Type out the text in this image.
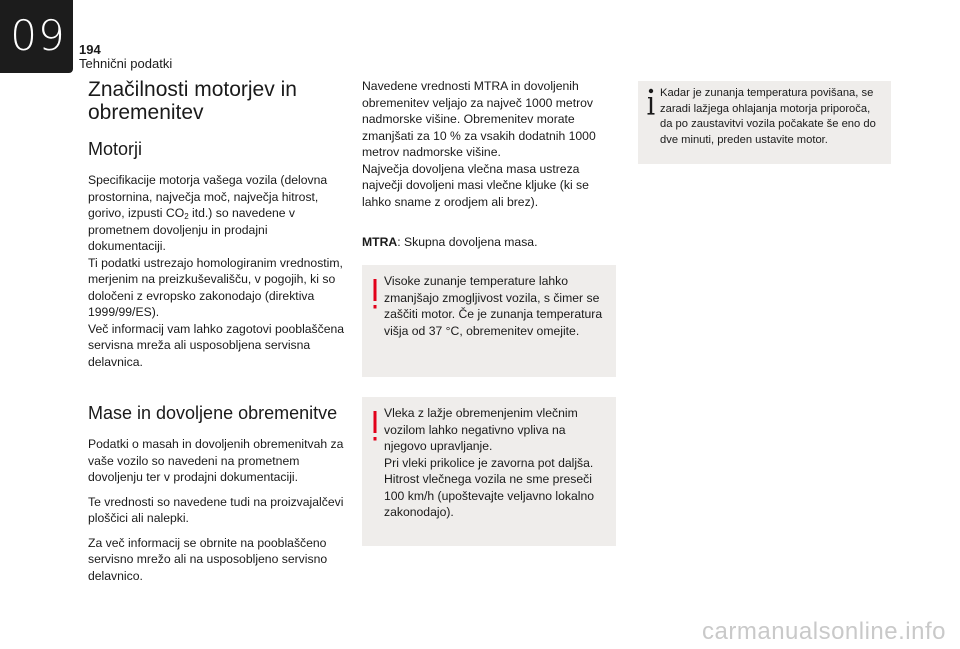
09	194
Tehnični podatki
Značilnosti motorjev in obremenitev
Motorji

Specifikacije motorja vašega vozila (delovna prostornina, največja moč, največja hitrost, gorivo, izpusti $CO_2$ itd.) so navedene v prometnem dovoljenju in prodajni dokumentaciji.

Ti podatki ustrezajo homologiranim vrednostim, merjenim na preizkuševališču, v pogojih, ki so določeni z evropsko zakonodajo (direktiva 1999/99/ES).

Več informacij vam lahko zagotovi pooblaščena servisna mreža ali usposobljena servisna delavnica.

Mase in dovoljene obremenitve

Podatki o masah in dovoljenih obremenitvah za vaše vozilo so navedeni na prometnem dovoljenju ter v prodajni dokumentaciji.

Te vrednosti so navedene tudi na proizvajalčevi ploščici ali nalepki.

Za več informacij se obrnite na pooblaščeno servisno mrežo ali na usposobljeno servisno delavnico.

Navedene vrednosti MTRA in dovoljenih obremenitev veljajo za največ 1000 metrov nadmorske višine. Obremenitev morate zmanjšati za 10 % za vsakih dodatnih 1000 metrov nadmorske višine.

Največja dovoljena vlečna masa ustreza največji dovoljeni masi vlečne kljuke (ki se lahko sname z orodjem ali brez).

MTRA: Skupna dovoljena masa.

Visoke zunanje temperature lahko zmanjšajo zmogljivost vozila, s čimer se zaščiti motor. Če je zunanja temperatura višja od 37 °C, obremenitev omejite.

Vleka z lažje obremenjenim vlečnim vozilom lahko negativno vpliva na njegovo upravljanje.

Pri vleki prikolice je zavorna pot daljša.

Hitrost vlečnega vozila ne sme preseči 100 km/h (upoštevajte veljavno lokalno zakonodajo).

Kadar je zunanja temperatura povišana, se zaradi lažjega ohlajanja motorja priporoča, da po zaustavitvi vozila počakate še eno do dve minuti, preden ustavite motor.
carmanualsonline.info
